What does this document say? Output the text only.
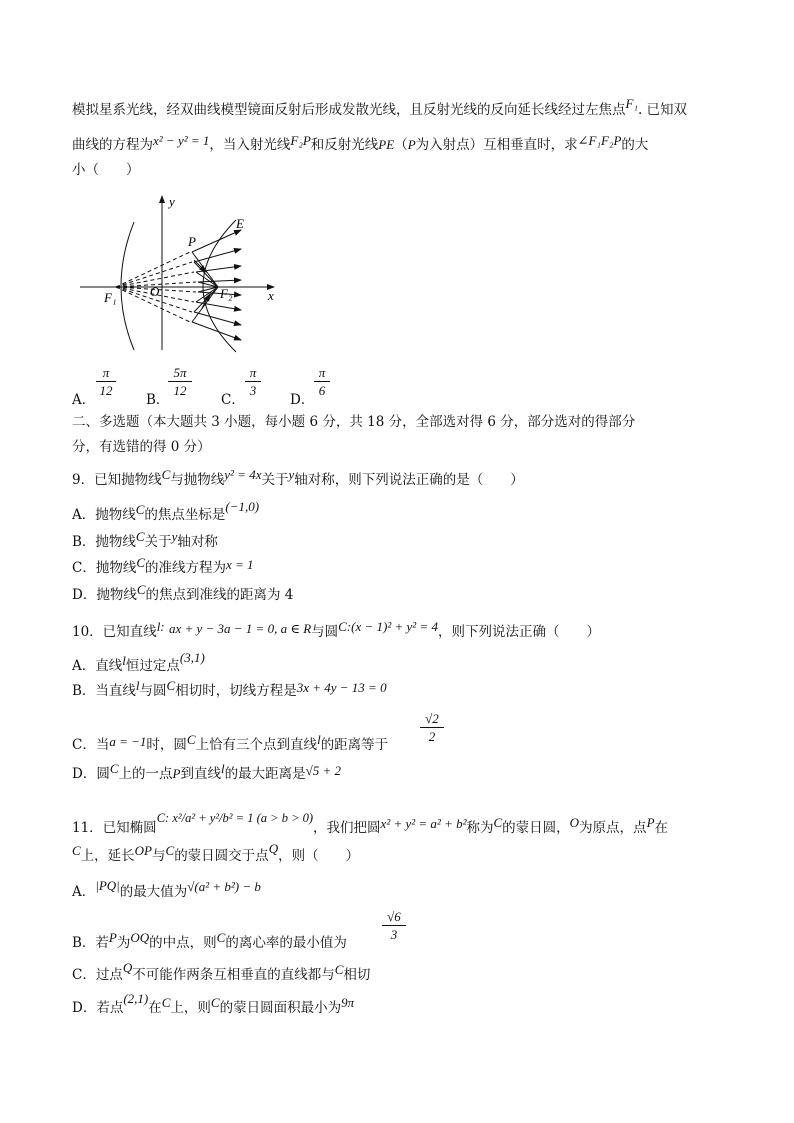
模拟星系光线，经双曲线模型镜面反射后形成发散光线，且反射光线的反向延长线经过左焦点F₁. 已知双
曲线的方程为x² − y² = 1，当入射光线F₂P和反射光线PE（P为入射点）互相垂直时，求∠F₁F₂P的大
小（　　）
y
x
E
P
F₁	O	F₂
A．
$\frac{\pi}{12}$
B．
$\frac{5\pi}{12}$
C．
$\frac{\pi}{3}$
D．
$\frac{\pi}{6}$
二、多选题（本大题共 3 小题，每小题 6 分，共 18 分，全部选对得 6 分，部分选对的得部分
分，有选错的得 0 分）
9．已知抛物线C与抛物线y² = 4x关于y轴对称，则下列说法正确的是（　　）
A．抛物线C的焦点坐标是(−1,0)
B．抛物线C关于y轴对称
C．抛物线C的准线方程为x = 1
D．抛物线C的焦点到准线的距离为 4
10．已知直线l: ax + y − 3a − 1 = 0, a ∈ R与圆C:(x − 1)² + y² = 4，则下列说法正确（　　）
A．直线l恒过定点(3,1)
B．当直线l与圆C相切时，切线方程是3x + 4y − 13 = 0
C．当a = −1时，圆C上恰有三个点到直线l的距离等于 $\frac{√2}{2}$
D．圆C上的一点P到直线l的最大距离是√5 + 2
11．已知椭圆C: x²/a² + y²/b² = 1 (a > b > 0)，我们把圆x² + y² = a² + b²称为C的蒙日圆，O为原点，点P在
C上，延长OP与C的蒙日圆交于点Q，则（　　）
A．|PQ|的最大值为√(a² + b²) − b
B．若P为OQ的中点，则C的离心率的最小值为	$\frac{√6}{3}$
C．过点Q不可能作两条互相垂直的直线都与C相切
D．若点(2,1)在C上，则C的蒙日圆面积最小为9π
